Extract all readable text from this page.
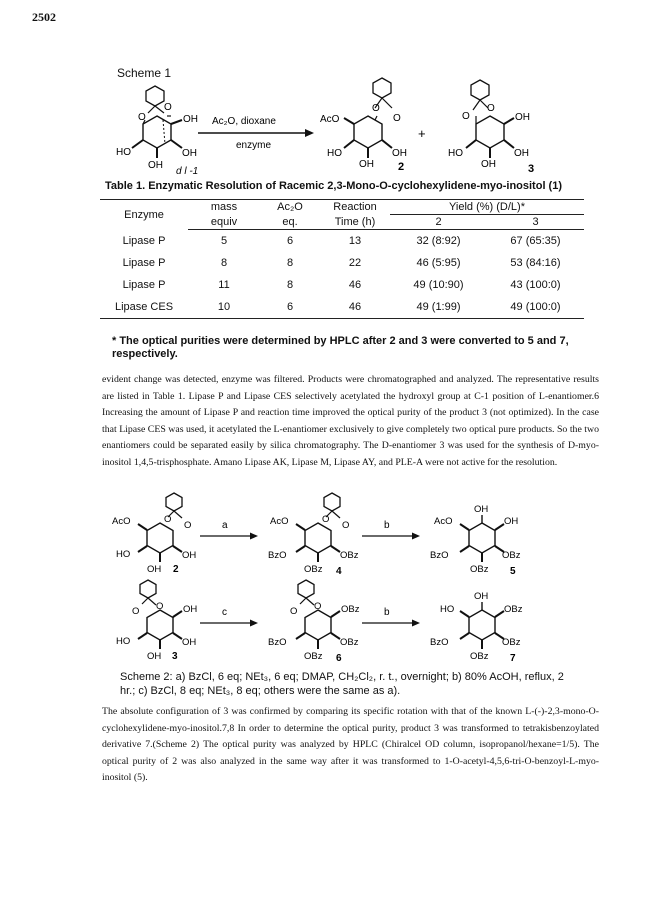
2502
Scheme 1
O
O	OH
HO	OH
OH
d l -1
Ac₂O, dioxane
enzyme
O
O
AcO
HO	OH
OH 2
+
O
O
OH
HO	OH
OH	3
Table 1. Enzymatic Resolution of Racemic 2,3-Mono-O-cyclohexylidene-myo-inositol (1)
Enzyme	mass	Ac₂O	Reaction	Yield (%) (D/L)*	
	equiv	eq.	Time (h)	2	3
Lipase P	5	6	13	32 (8:92)	67 (65:35)
Lipase P	8	8	22	46 (5:95)	53 (84:16)
Lipase P	11	8	46	49 (10:90)	43 (100:0)
Lipase CES	10	6	46	49 (1:99)	49 (100:0)
* The optical purities were determined by HPLC after 2 and 3 were converted to 5 and 7, respectively.
evident change was detected, enzyme was filtered. Products were chromatographed and analyzed. The representative results are listed in Table 1. Lipase P and Lipase CES selectively acetylated the hydroxyl group at C-1 position of L-enantiomer.6 Increasing the amount of Lipase P and reaction time improved the optical purity of the product 3 (not optimized). In the case that Lipase CES was used, it acetylated the L-enantiomer exclusively to give completely two optical pure products. So the two enantiomers could be separated easily by silica chromatography. The D-enantiomer 3 was used for the synthesis of D-myo-inositol 1,4,5-trisphosphate. Amano Lipase AK, Lipase M, Lipase AY, and PLE-A were not active for the resolution.
O
O
AcO
HO	OH
OH 2
a
O
O
AcO
BzO	OBz
OBz 4
b
OH
AcO	OH
BzO	OBz
OBz 5
O O OH
HO	OH
OH 3
c	O O OBz
BzO	OBz
OBz 6
b
OH
HO	OBz
BzO	OBz
OBz 7
Scheme 2: a) BzCl, 6 eq; NEt₃, 6 eq; DMAP, CH₂Cl₂, r. t., overnight; b) 80% AcOH, reflux, 2 hr.; c) BzCl, 8 eq; NEt₃, 8 eq; others were the same as a).
The absolute configuration of 3 was confirmed by comparing its specific rotation with that of the known L-(-)-2,3-mono-O-cyclohexylidene-myo-inositol.7,8 In order to determine the optical purity, product 3 was transformed to tetrakisbenzoylated derivative 7.(Scheme 2) The optical purity was analyzed by HPLC (Chiralcel OD column, isopropanol/hexane=1/5). The optical purity of 2 was also analyzed in the same way after it was transformed to 1-O-acetyl-4,5,6-tri-O-benzoyl-L-myo-inositol (5).
